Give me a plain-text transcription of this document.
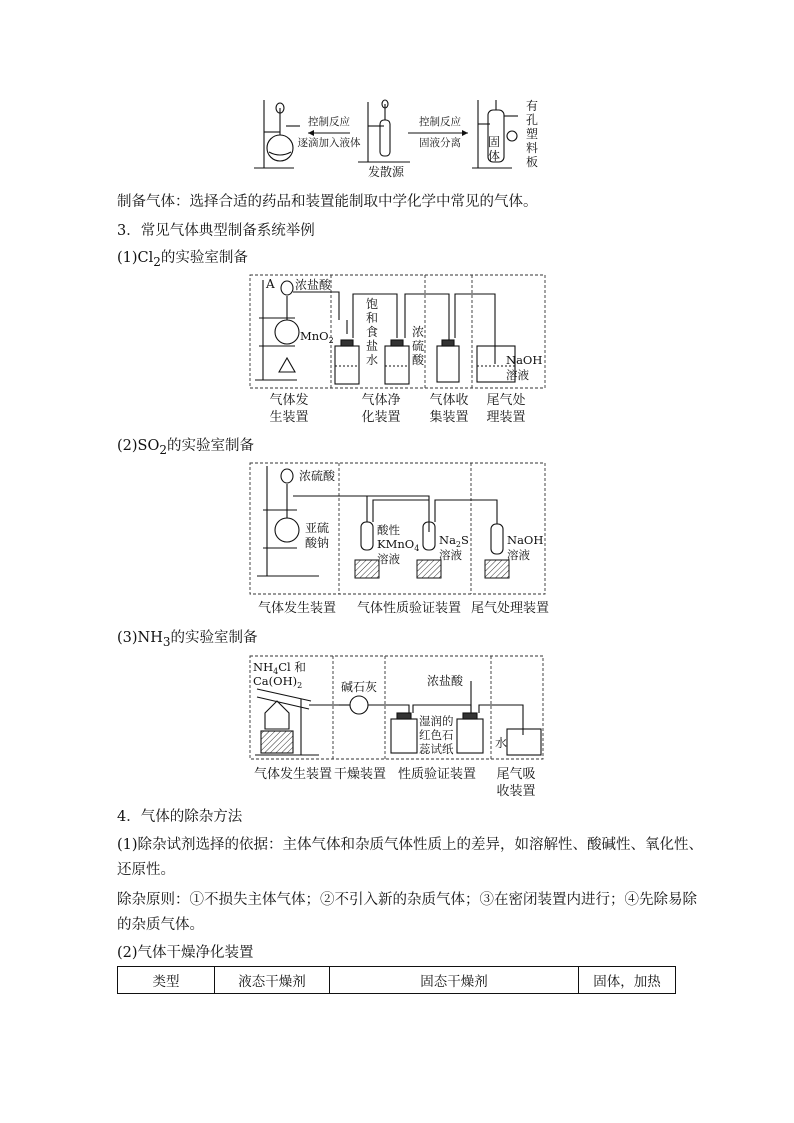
控制反应
逐滴加入液体
发散源
控制反应
固液分离 固
体
有
孔
塑
料
板
制备气体：选择合适的药品和装置能制取中学化学中常见的气体。
3．常见气体典型制备系统举例
$(1)Cl_2$的实验室制备
A 浓盐酸
MnO$_2$
饱
和
食
盐
水
浓
硫
酸	NaOH
溶液
气体发
生装置
气体净
化装置
气体收
集装置
尾气处
理装置
$(2)SO_2$的实验室制备
浓硫酸
亚硫
酸钠
酸性
KMnO$_4$
溶液
$Na_2S$
溶液
NaOH
溶液
气体发生装置	气体性质验证装置 尾气处理装置
$(3)NH_3$的实验室制备
$NH_4Cl$ 和
$Ca(OH)_2$	碱石灰	浓盐酸
湿润的
红色石
蕊试纸	水
气体发生装置 干燥装置 性质验证装置	尾气吸
收装置
4．气体的除杂方法
(1)除杂试剂选择的依据：主体气体和杂质气体性质上的差异，如溶解性、酸碱性、氧化性、
还原性。
除杂原则：①不损失主体气体；②不引入新的杂质气体；③在密闭装置内进行；④先除易除
的杂质气体。
(2)气体干燥净化装置
类型	液态干燥剂	固态干燥剂	固体，加热
